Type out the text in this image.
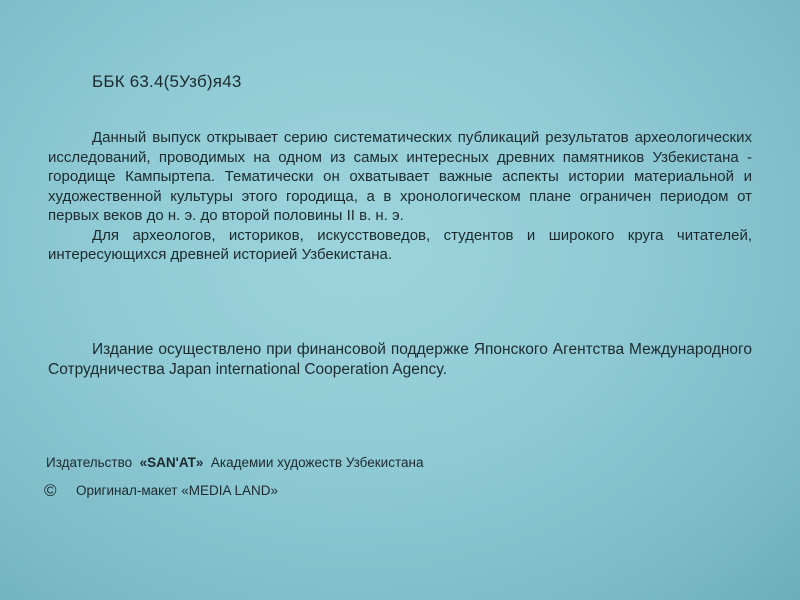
ББК 63.4(5Узб)я43

Данный выпуск открывает серию систематических публикаций результатов археологических исследований, проводимых на одном из самых интересных древних памятников Узбекистана - городище Кампыртепа. Тематически он охватывает важные аспекты истории материальной и художественной культуры этого городища, а в хронологическом плане ограничен периодом от первых веков до н. э. до второй половины II в. н. э.

Для археологов, историков, искусствоведов, студентов и широкого круга читателей, интересующихся древней историей Узбекистана.

Издание осуществлено при финансовой поддержке Японского Агентства Международного Сотрудничества Japan international Cooperation Agency.
Издательство «SAN'AT» Академии художеств Узбекистана
© Оригинал-макет «MEDIA LAND»
